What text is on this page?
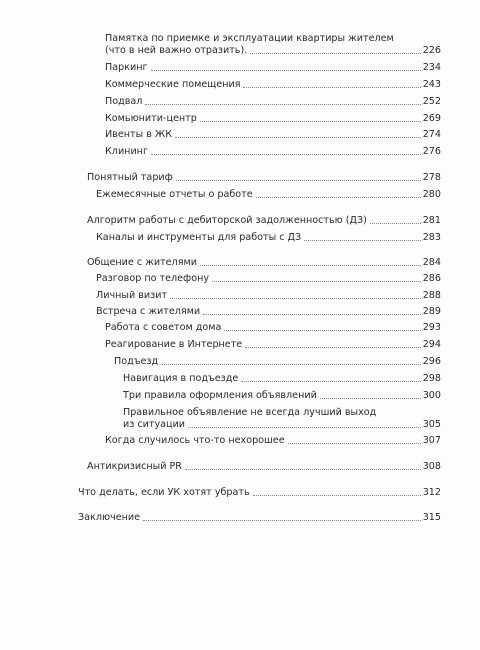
Памятка по приемке и эксплуатации квартиры жителем
(что в ней важно отразить).	226
Паркинг	234
Коммерческие помещения	243
Подвал	252
Комьюнити-центр	269
Ивенты в ЖК	274
Клининг	276
Понятный тариф	278
Ежемесячные отчеты о работе	280
Алгоритм работы с дебиторской задолженностью (ДЗ)	281
Каналы и инструменты для работы с ДЗ	283
Общение с жителями	284
Разговор по телефону	286
Личный визит	288
Встреча с жителями	289
Работа с советом дома	293
Реагирование в Интернете	294
Подъезд	296
Навигация в подъезде	298
Три правила оформления объявлений	300
Правильное объявление не всегда лучший выход
из ситуации	305
Когда случилось что-то нехорошее	307
Антикризисный PR	308
Что делать, если УК хотят убрать	312
Заключение	315
